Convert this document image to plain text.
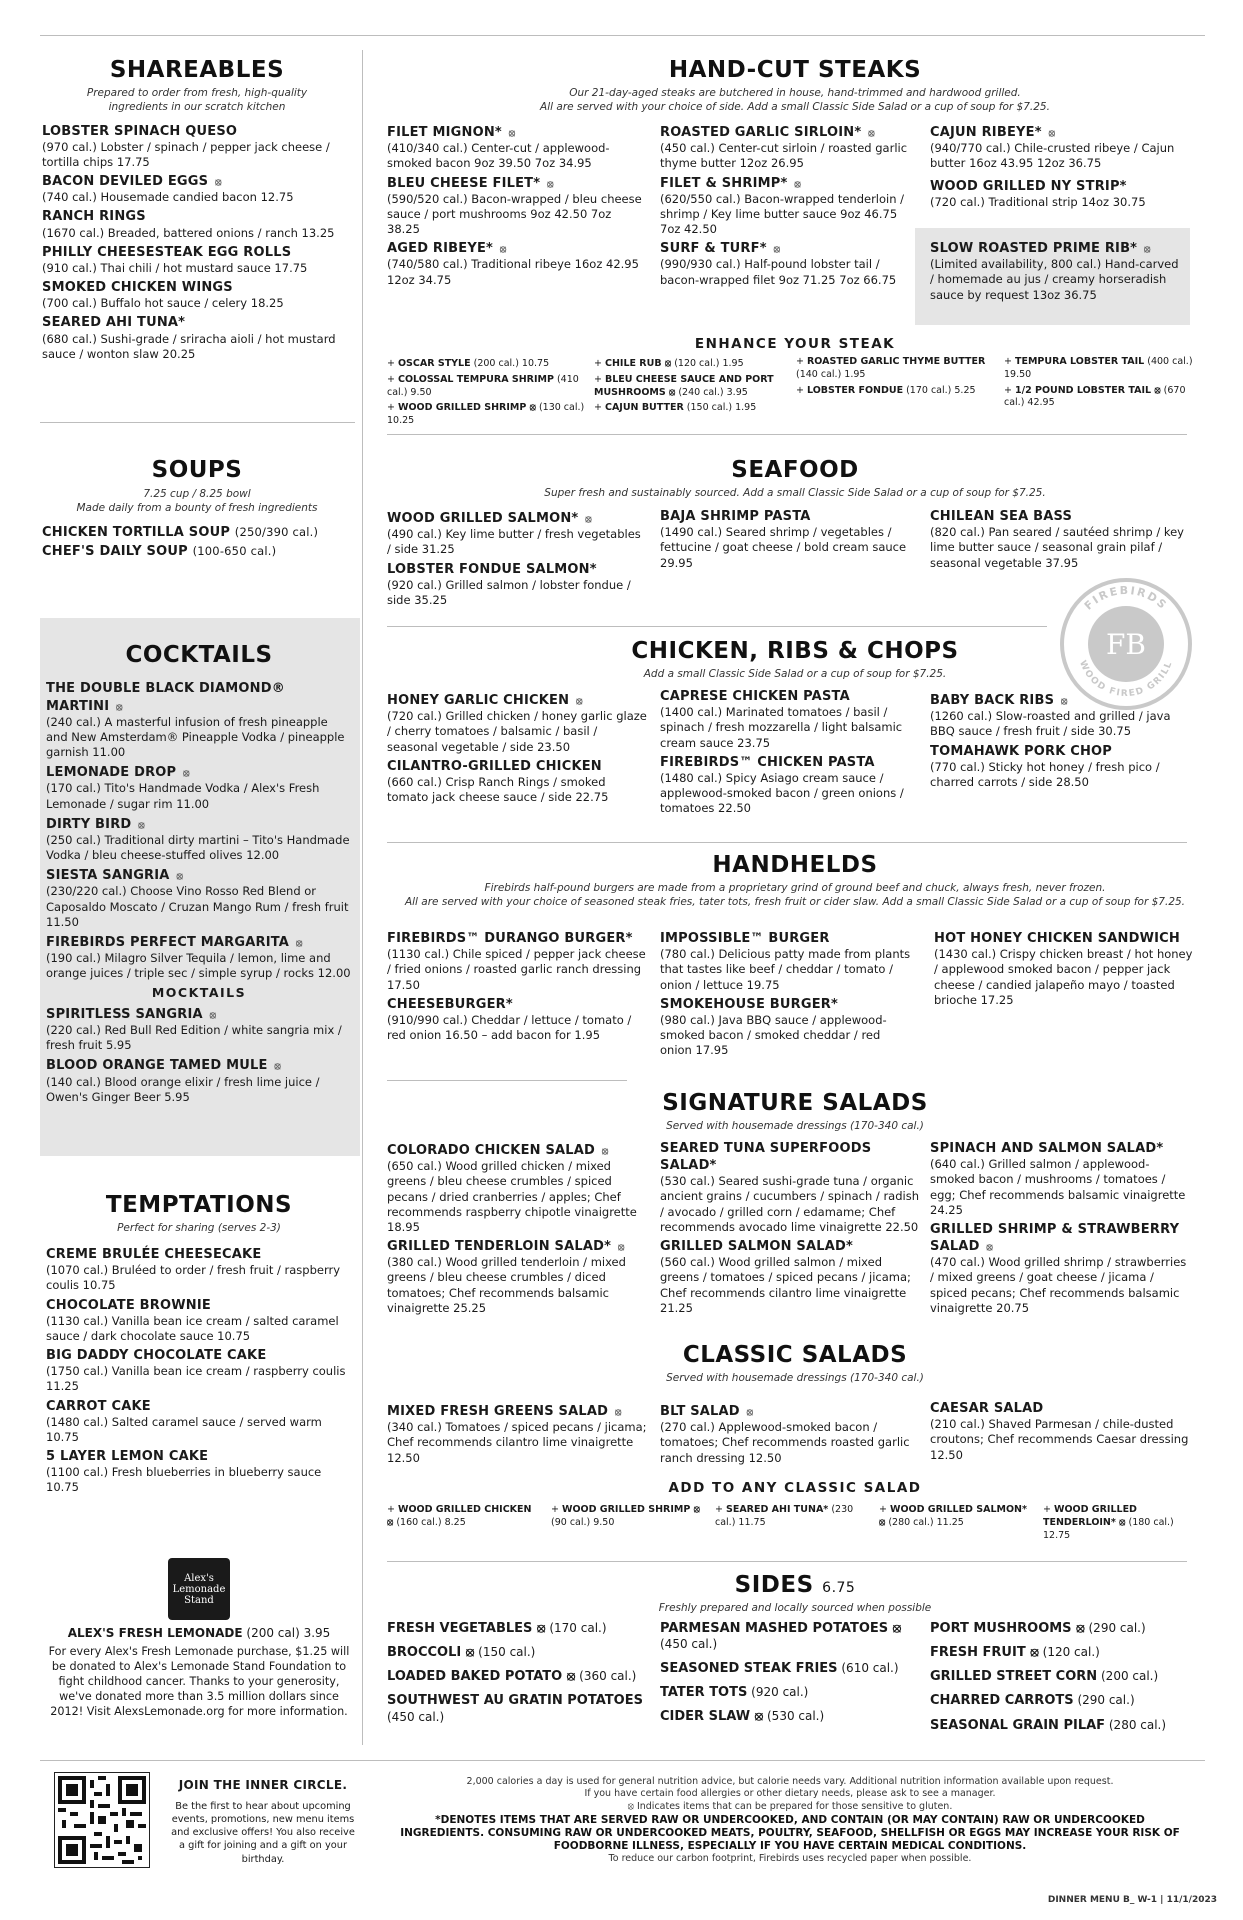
SHAREABLES
Prepared to order from fresh, high-quality ingredients in our scratch kitchen
LOBSTER SPINACH QUESO
(970 cal.) Lobster / spinach / pepper jack cheese / tortilla chips 17.75
BACON DEVILED EGGS ⦻
(740 cal.) Housemade candied bacon 12.75
RANCH RINGS
(1670 cal.) Breaded, battered onions / ranch 13.25
PHILLY CHEESESTEAK EGG ROLLS
(910 cal.) Thai chili / hot mustard sauce 17.75
SMOKED CHICKEN WINGS
(700 cal.) Buffalo hot sauce / celery 18.25
SEARED AHI TUNA*
(680 cal.) Sushi-grade / sriracha aioli / hot mustard sauce / wonton slaw 20.25
SOUPS
7.25 cup / 8.25 bowl
Made daily from a bounty of fresh ingredients
CHICKEN TORTILLA SOUP (250/390 cal.)
CHEF'S DAILY SOUP (100-650 cal.)
COCKTAILS
THE DOUBLE BLACK DIAMOND® MARTINI ⦻
(240 cal.) A masterful infusion of fresh pineapple and New Amsterdam® Pineapple Vodka / pineapple garnish 11.00
LEMONADE DROP ⦻
(170 cal.) Tito's Handmade Vodka / Alex's Fresh Lemonade / sugar rim 11.00
DIRTY BIRD ⦻
(250 cal.) Traditional dirty martini – Tito's Handmade Vodka / bleu cheese-stuffed olives 12.00
SIESTA SANGRIA ⦻
(230/220 cal.) Choose Vino Rosso Red Blend or Caposaldo Moscato / Cruzan Mango Rum / fresh fruit 11.50
FIREBIRDS PERFECT MARGARITA ⦻
(190 cal.) Milagro Silver Tequila / lemon, lime and orange juices / triple sec / simple syrup / rocks 12.00
MOCKTAILS
SPIRITLESS SANGRIA ⦻
(220 cal.) Red Bull Red Edition / white sangria mix / fresh fruit 5.95
BLOOD ORANGE TAMED MULE ⦻
(140 cal.) Blood orange elixir / fresh lime juice / Owen's Ginger Beer 5.95
TEMPTATIONS
Perfect for sharing (serves 2-3)
CREME BRULÉE CHEESECAKE
(1070 cal.) Bruléed to order / fresh fruit / raspberry coulis 10.75
CHOCOLATE BROWNIE
(1130 cal.) Vanilla bean ice cream / salted caramel sauce / dark chocolate sauce 10.75
BIG DADDY CHOCOLATE CAKE
(1750 cal.) Vanilla bean ice cream / raspberry coulis 11.25
CARROT CAKE
(1480 cal.) Salted caramel sauce / served warm 10.75
5 LAYER LEMON CAKE
(1100 cal.) Fresh blueberries in blueberry sauce 10.75
Alex's Lemonade Stand
ALEX'S FRESH LEMONADE (200 cal) 3.95
For every Alex's Fresh Lemonade purchase, $1.25 will be donated to Alex's Lemonade Stand Foundation to fight childhood cancer. Thanks to your generosity, we've donated more than 3.5 million dollars since 2012! Visit AlexsLemonade.org for more information.
HAND-CUT STEAKS
Our 21-day-aged steaks are butchered in house, hand-trimmed and hardwood grilled.
All are served with your choice of side. Add a small Classic Side Salad or a cup of soup for $7.25.
FILET MIGNON* ⦻
(410/340 cal.) Center-cut / applewood-smoked bacon 9oz 39.50 7oz 34.95
BLEU CHEESE FILET* ⦻
(590/520 cal.) Bacon-wrapped / bleu cheese sauce / port mushrooms 9oz 42.50 7oz 38.25
AGED RIBEYE* ⦻
(740/580 cal.) Traditional ribeye 16oz 42.95 12oz 34.75
ROASTED GARLIC SIRLOIN* ⦻
(450 cal.) Center-cut sirloin / roasted garlic thyme butter 12oz 26.95
FILET & SHRIMP* ⦻
(620/550 cal.) Bacon-wrapped tenderloin / shrimp / Key lime butter sauce 9oz 46.75 7oz 42.50
SURF & TURF* ⦻
(990/930 cal.) Half-pound lobster tail / bacon-wrapped filet 9oz 71.25 7oz 66.75
CAJUN RIBEYE* ⦻
(940/770 cal.) Chile-crusted ribeye / Cajun butter 16oz 43.95 12oz 36.75
WOOD GRILLED NY STRIP*
(720 cal.) Traditional strip 14oz 30.75
SLOW ROASTED PRIME RIB* ⦻
(Limited availability, 800 cal.) Hand-carved / homemade au jus / creamy horseradish sauce by request 13oz 36.75
ENHANCE YOUR STEAK
+ OSCAR STYLE (200 cal.) 10.75
+ COLOSSAL TEMPURA SHRIMP (410 cal.) 9.50
+ WOOD GRILLED SHRIMP ⦻ (130 cal.) 10.25
+ CHILE RUB ⦻ (120 cal.) 1.95
+ BLEU CHEESE SAUCE AND PORT MUSHROOMS ⦻ (240 cal.) 3.95
+ CAJUN BUTTER (150 cal.) 1.95
+ ROASTED GARLIC THYME BUTTER (140 cal.) 1.95
+ LOBSTER FONDUE (170 cal.) 5.25
+ TEMPURA LOBSTER TAIL (400 cal.) 19.50
+ 1/2 POUND LOBSTER TAIL ⦻ (670 cal.) 42.95
SEAFOOD
Super fresh and sustainably sourced. Add a small Classic Side Salad or a cup of soup for $7.25.
WOOD GRILLED SALMON* ⦻
(490 cal.) Key lime butter / fresh vegetables / side 31.25
LOBSTER FONDUE SALMON*
(920 cal.) Grilled salmon / lobster fondue / side 35.25
BAJA SHRIMP PASTA
(1490 cal.) Seared shrimp / vegetables / fettucine / goat cheese / bold cream sauce 29.95
CHILEAN SEA BASS
(820 cal.) Pan seared / sautéed shrimp / key lime butter sauce / seasonal grain pilaf / seasonal vegetable 37.95
FIREBIRDS
WOOD FIRED GRILL
FB
CHICKEN, RIBS & CHOPS
Add a small Classic Side Salad or a cup of soup for $7.25.
HONEY GARLIC CHICKEN ⦻
(720 cal.) Grilled chicken / honey garlic glaze / cherry tomatoes / balsamic / basil / seasonal vegetable / side 23.50
CILANTRO-GRILLED CHICKEN
(660 cal.) Crisp Ranch Rings / smoked tomato jack cheese sauce / side 22.75
CAPRESE CHICKEN PASTA
(1400 cal.) Marinated tomatoes / basil / spinach / fresh mozzarella / light balsamic cream sauce 23.75
FIREBIRDS™ CHICKEN PASTA
(1480 cal.) Spicy Asiago cream sauce / applewood-smoked bacon / green onions / tomatoes 22.50
BABY BACK RIBS ⦻
(1260 cal.) Slow-roasted and grilled / java BBQ sauce / fresh fruit / side 30.75
TOMAHAWK PORK CHOP
(770 cal.) Sticky hot honey / fresh pico / charred carrots / side 28.50
HANDHELDS
Firebirds half-pound burgers are made from a proprietary grind of ground beef and chuck, always fresh, never frozen.
All are served with your choice of seasoned steak fries, tater tots, fresh fruit or cider slaw. Add a small Classic Side Salad or a cup of soup for $7.25.
FIREBIRDS™ DURANGO BURGER*
(1130 cal.) Chile spiced / pepper jack cheese / fried onions / roasted garlic ranch dressing 17.50
CHEESEBURGER*
(910/990 cal.) Cheddar / lettuce / tomato / red onion 16.50 – add bacon for 1.95
IMPOSSIBLE™ BURGER
(780 cal.) Delicious patty made from plants that tastes like beef / cheddar / tomato / onion / lettuce 19.75
SMOKEHOUSE BURGER*
(980 cal.) Java BBQ sauce / applewood-smoked bacon / smoked cheddar / red onion 17.95
HOT HONEY CHICKEN SANDWICH
(1430 cal.) Crispy chicken breast / hot honey / applewood smoked bacon / pepper jack cheese / candied jalapeño mayo / toasted brioche 17.25
SIGNATURE SALADS
Served with housemade dressings (170-340 cal.)
COLORADO CHICKEN SALAD ⦻
(650 cal.) Wood grilled chicken / mixed greens / bleu cheese crumbles / spiced pecans / dried cranberries / apples; Chef recommends raspberry chipotle vinaigrette 18.95
GRILLED TENDERLOIN SALAD* ⦻
(380 cal.) Wood grilled tenderloin / mixed greens / bleu cheese crumbles / diced tomatoes; Chef recommends balsamic vinaigrette 25.25
SEARED TUNA SUPERFOODS SALAD*
(530 cal.) Seared sushi-grade tuna / organic ancient grains / cucumbers / spinach / radish / avocado / grilled corn / edamame; Chef recommends avocado lime vinaigrette 22.50
GRILLED SALMON SALAD*
(560 cal.) Wood grilled salmon / mixed greens / tomatoes / spiced pecans / jicama; Chef recommends cilantro lime vinaigrette 21.25
SPINACH AND SALMON SALAD*
(640 cal.) Grilled salmon / applewood-smoked bacon / mushrooms / tomatoes / egg; Chef recommends balsamic vinaigrette 24.25
GRILLED SHRIMP & STRAWBERRY SALAD ⦻
(470 cal.) Wood grilled shrimp / strawberries / mixed greens / goat cheese / jicama / spiced pecans; Chef recommends balsamic vinaigrette 20.75
CLASSIC SALADS
Served with housemade dressings (170-340 cal.)
MIXED FRESH GREENS SALAD ⦻
(340 cal.) Tomatoes / spiced pecans / jicama; Chef recommends cilantro lime vinaigrette 12.50
BLT SALAD ⦻
(270 cal.) Applewood-smoked bacon / tomatoes; Chef recommends roasted garlic ranch dressing 12.50
CAESAR SALAD
(210 cal.) Shaved Parmesan / chile-dusted croutons; Chef recommends Caesar dressing 12.50
ADD TO ANY CLASSIC SALAD
+ WOOD GRILLED CHICKEN ⦻ (160 cal.) 8.25
+ WOOD GRILLED SHRIMP ⦻ (90 cal.) 9.50
+ SEARED AHI TUNA* (230 cal.) 11.75
+ WOOD GRILLED SALMON* ⦻ (280 cal.) 11.25
+ WOOD GRILLED TENDERLOIN* ⦻ (180 cal.) 12.75
SIDES 6.75
Freshly prepared and locally sourced when possible
FRESH VEGETABLES ⦻ (170 cal.)
BROCCOLI ⦻ (150 cal.)
LOADED BAKED POTATO ⦻ (360 cal.)
SOUTHWEST AU GRATIN POTATOES (450 cal.)
PARMESAN MASHED POTATOES ⦻ (450 cal.)
SEASONED STEAK FRIES (610 cal.)
TATER TOTS (920 cal.)
CIDER SLAW ⦻ (530 cal.)
PORT MUSHROOMS ⦻ (290 cal.)
FRESH FRUIT ⦻ (120 cal.)
GRILLED STREET CORN (200 cal.)
CHARRED CARROTS (290 cal.)
SEASONAL GRAIN PILAF (280 cal.)
JOIN THE INNER CIRCLE.
Be the first to hear about upcoming events, promotions, new menu items and exclusive offers! You also receive a gift for joining and a gift on your birthday.
2,000 calories a day is used for general nutrition advice, but calorie needs vary. Additional nutrition information available upon request.
If you have certain food allergies or other dietary needs, please ask to see a manager.
⦻ Indicates items that can be prepared for those sensitive to gluten.
*DENOTES ITEMS THAT ARE SERVED RAW OR UNDERCOOKED, AND CONTAIN (OR MAY CONTAIN) RAW OR UNDERCOOKED INGREDIENTS. CONSUMING RAW OR UNDERCOOKED MEATS, POULTRY, SEAFOOD, SHELLFISH OR EGGS MAY INCREASE YOUR RISK OF FOODBORNE ILLNESS, ESPECIALLY IF YOU HAVE CERTAIN MEDICAL CONDITIONS.
To reduce our carbon footprint, Firebirds uses recycled paper when possible.
DINNER MENU B_ W-1 | 11/1/2023
